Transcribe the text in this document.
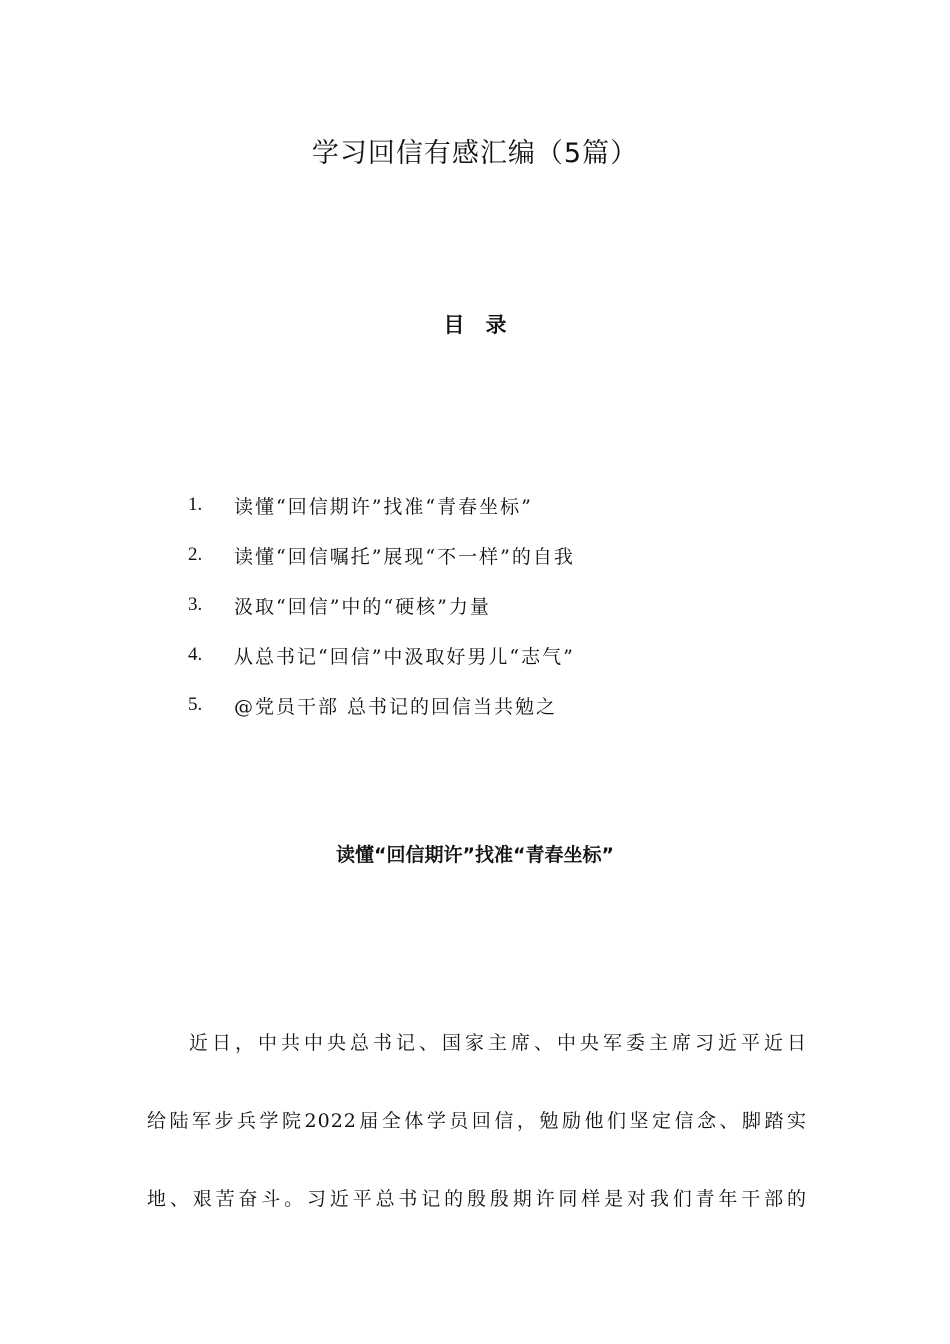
学习回信有感汇编（5篇）
目　录
1.	读懂“回信期许”找准“青春坐标”
2.	读懂“回信嘱托”展现“不一样”的自我
3.	汲取“回信”中的“硬核”力量
4.	从总书记“回信”中汲取好男儿“志气”
5.	@党员干部 总书记的回信当共勉之
读懂“回信期许”找准“青春坐标”
近日，中共中央总书记、国家主席、中央军委主席习近平近日
给陆军步兵学院2022届全体学员回信，勉励他们坚定信念、脚踏实
地、艰苦奋斗。习近平总书记的殷殷期许同样是对我们青年干部的
